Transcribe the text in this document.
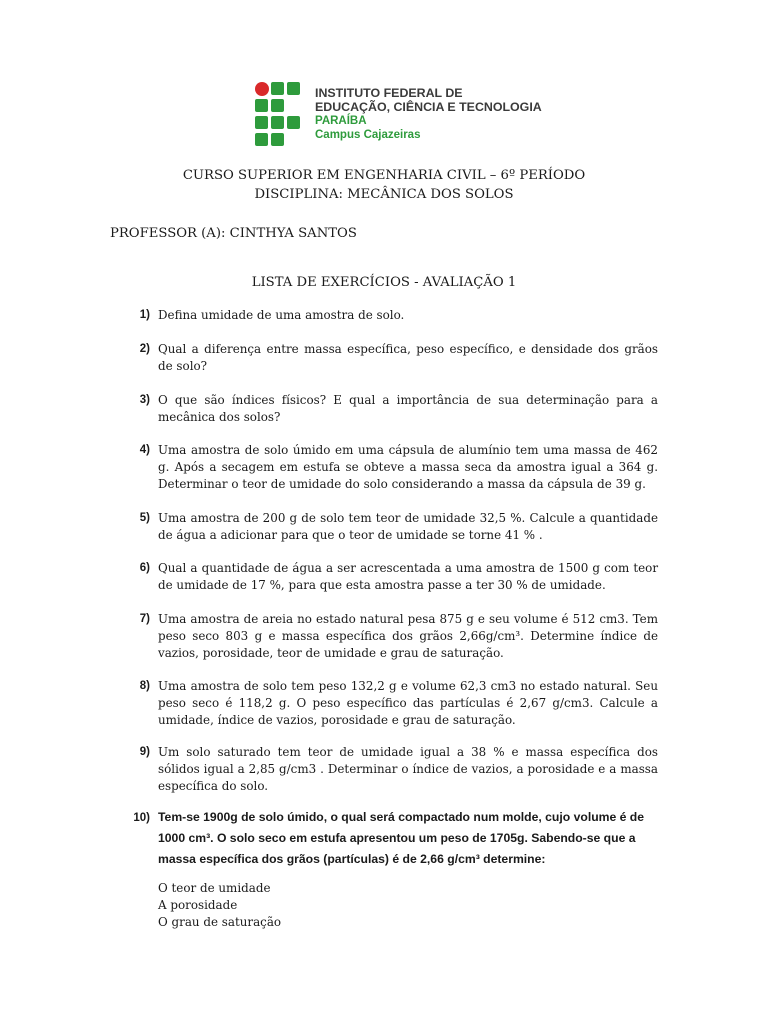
INSTITUTO FEDERAL DE
EDUCAÇÃO, CIÊNCIA E TECNOLOGIA
PARAÍBA
Campus Cajazeiras
CURSO SUPERIOR EM ENGENHARIA CIVIL – 6º PERÍODO
DISCIPLINA: MECÂNICA DOS SOLOS
PROFESSOR (A): CINTHYA SANTOS
LISTA DE EXERCÍCIOS - AVALIAÇÃO 1
1) Defina umidade de uma amostra de solo.
2) Qual a diferença entre massa específica, peso específico, e densidade dos grãos de solo?
3) O que são índices físicos? E qual a importância de sua determinação para a mecânica dos solos?
4) Uma amostra de solo úmido em uma cápsula de alumínio tem uma massa de 462 g. Após a secagem em estufa se obteve a massa seca da amostra igual a 364 g. Determinar o teor de umidade do solo considerando a massa da cápsula de 39 g.
5) Uma amostra de 200 g de solo tem teor de umidade 32,5 %. Calcule a quantidade de água a adicionar para que o teor de umidade se torne 41 % .
6) Qual a quantidade de água a ser acrescentada a uma amostra de 1500 g com teor de umidade de 17 %, para que esta amostra passe a ter 30 % de umidade.
7) Uma amostra de areia no estado natural pesa 875 g e seu volume é 512 cm3. Tem peso seco 803 g e massa específica dos grãos 2,66g/cm³. Determine índice de vazios, porosidade, teor de umidade e grau de saturação.
8) Uma amostra de solo tem peso 132,2 g e volume 62,3 cm3 no estado natural. Seu peso seco é 118,2 g. O peso específico das partículas é 2,67 g/cm3. Calcule a umidade, índice de vazios, porosidade e grau de saturação.
9) Um solo saturado tem teor de umidade igual a 38 % e massa específica dos sólidos igual a 2,85 g/cm3 . Determinar o índice de vazios, a porosidade e a massa específica do solo.
10) Tem-se 1900g de solo úmido, o qual será compactado num molde, cujo volume é de 1000 cm³. O solo seco em estufa apresentou um peso de 1705g. Sabendo-se que a massa específica dos grãos (partículas) é de 2,66 g/cm³ determine:
O teor de umidade
A porosidade
O grau de saturação
